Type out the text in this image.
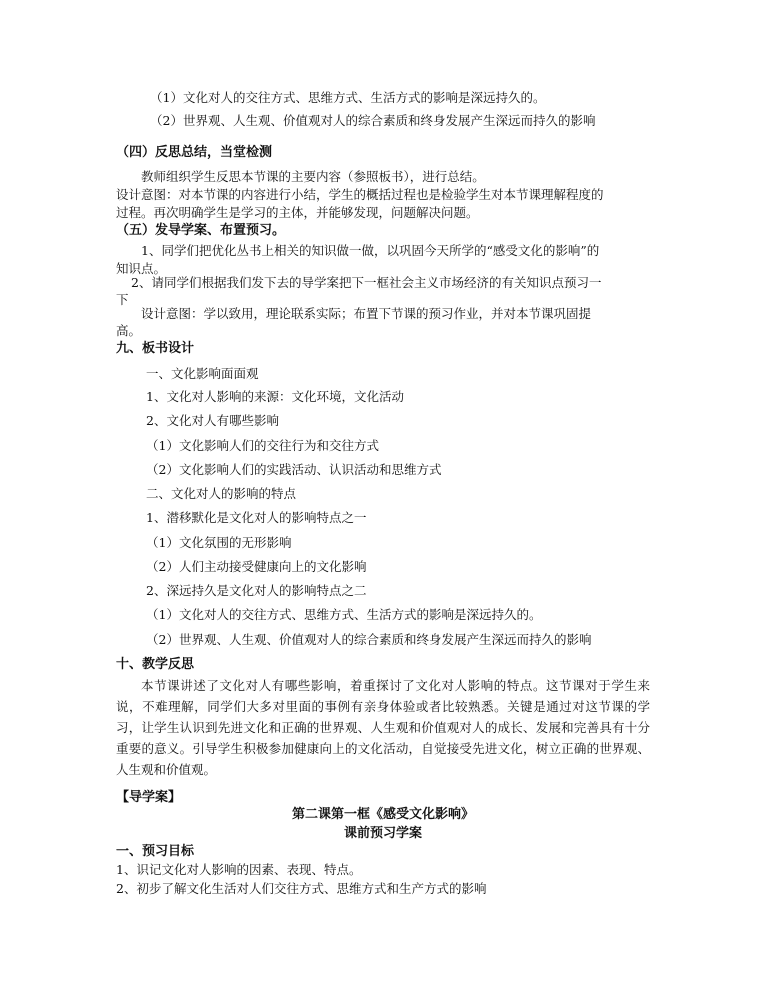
（1）文化对人的交往方式、思维方式、生活方式的影响是深远持久的。
（2）世界观、人生观、价值观对人的综合素质和终身发展产生深远而持久的影响
（四）反思总结，当堂检测
教师组织学生反思本节课的主要内容（参照板书），进行总结。
设计意图：对本节课的内容进行小结，学生的概括过程也是检验学生对本节课理解程度的
过程。再次明确学生是学习的主体，并能够发现，问题解决问题。
（五）发导学案、布置预习。
1、同学们把优化丛书上相关的知识做一做，以巩固今天所学的“感受文化的影响”的
知识点。
2、请同学们根据我们发下去的导学案把下一框社会主义市场经济的有关知识点预习一
下
设计意图：学以致用，理论联系实际；布置下节课的预习作业，并对本节课巩固提
高。
九、板书设计
一、文化影响面面观
1、文化对人影响的来源：文化环境，文化活动
2、文化对人有哪些影响
（1）文化影响人们的交往行为和交往方式
（2）文化影响人们的实践活动、认识活动和思维方式
二、文化对人的影响的特点
1、潜移默化是文化对人的影响特点之一
（1）文化氛围的无形影响
（2）人们主动接受健康向上的文化影响
2、深远持久是文化对人的影响特点之二
（1）文化对人的交往方式、思维方式、生活方式的影响是深远持久的。
（2）世界观、人生观、价值观对人的综合素质和终身发展产生深远而持久的影响
十、教学反思
本节课讲述了文化对人有哪些影响，着重探讨了文化对人影响的特点。这节课对于学生来说，不难理解，同学们大多对里面的事例有亲身体验或者比较熟悉。关键是通过对这节课的学习，让学生认识到先进文化和正确的世界观、人生观和价值观对人的成长、发展和完善具有十分重要的意义。引导学生积极参加健康向上的文化活动，自觉接受先进文化，树立正确的世界观、人生观和价值观。
【导学案】
第二课第一框《感受文化影响》
课前预习学案
一、预习目标
1、识记文化对人影响的因素、表现、特点。
2、初步了解文化生活对人们交往方式、思维方式和生产方式的影响
